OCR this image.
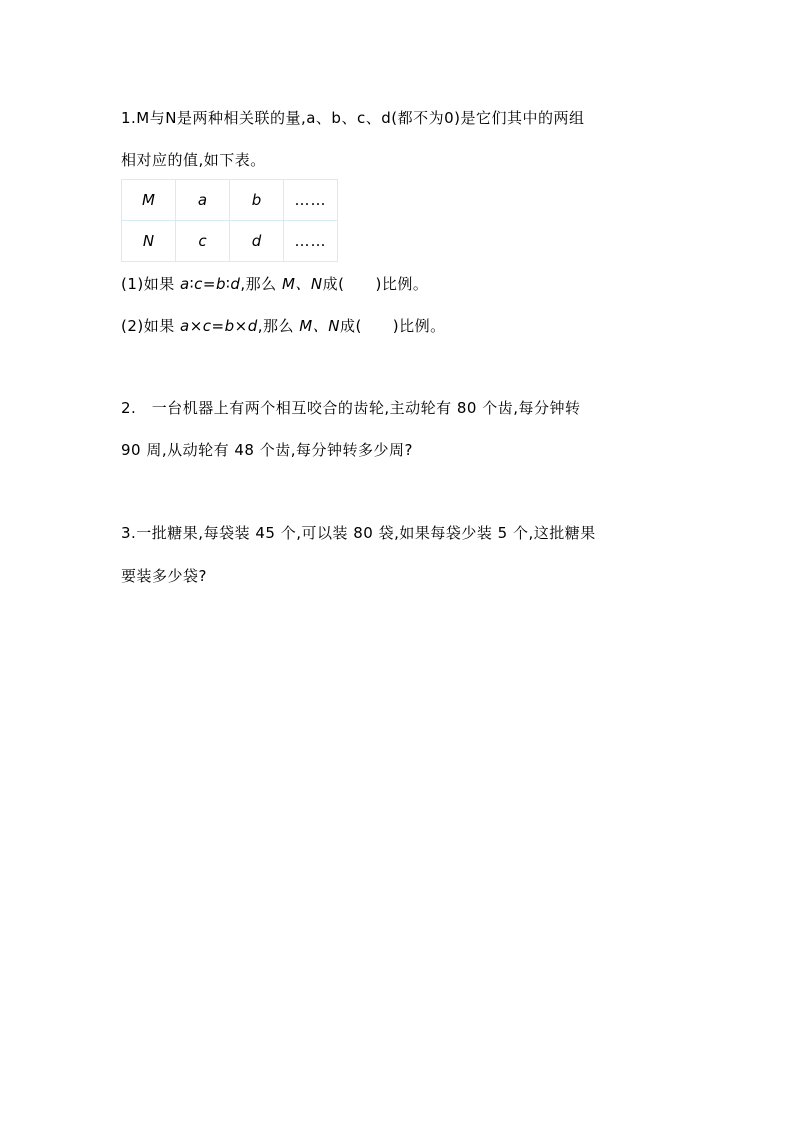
1.M与N是两种相关联的量,a、b、c、d(都不为0)是它们其中的两组
相对应的值,如下表。
M	a	b	……
N	c	d	……
(1)如果 a∶c=b∶d,那么 M、N成(　　)比例。
(2)如果 a×c=b×d,那么 M、N成(　　)比例。
2.　一台机器上有两个相互咬合的齿轮,主动轮有 80 个齿,每分钟转
90 周,从动轮有 48 个齿,每分钟转多少周?
3.一批糖果,每袋装 45 个,可以装 80 袋,如果每袋少装 5 个,这批糖果
要装多少袋?
